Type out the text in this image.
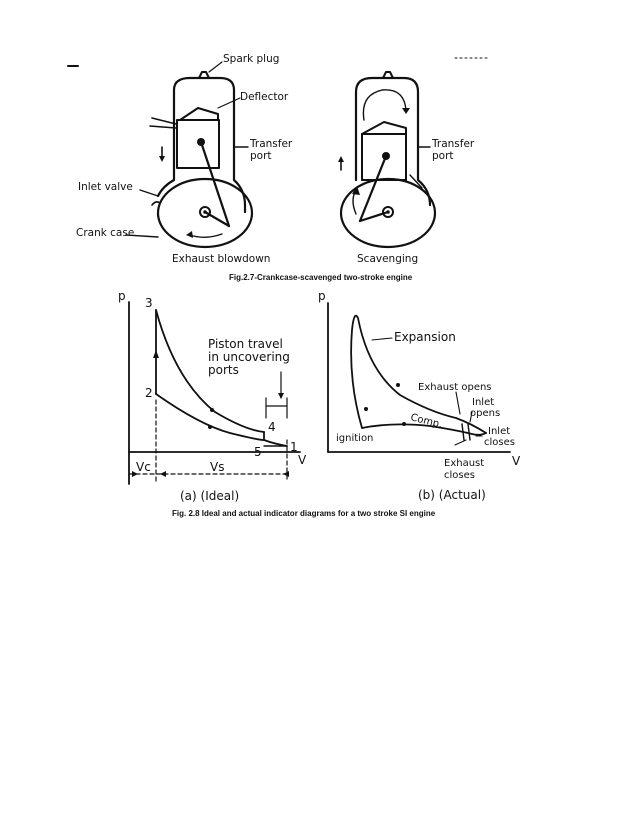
Spark plug
Deflector
Transfer
port
Inlet valve
Crank case
Exhaust blowdown
Transfer
port
Scavenging
Fig.2.7-Crankcase-scavenged two-stroke engine
p 3
2
4
5 1
V
Piston travel
in uncovering
ports
Vc	Vs
(a) (Ideal)
p
V
Expansion
Exhaust opens
Inlet
opens
Comp.
ignition
Inlet
closes
Exhaust
closes
(b) (Actual)
Fig. 2.8 Ideal and actual indicator diagrams for a two stroke SI engine
